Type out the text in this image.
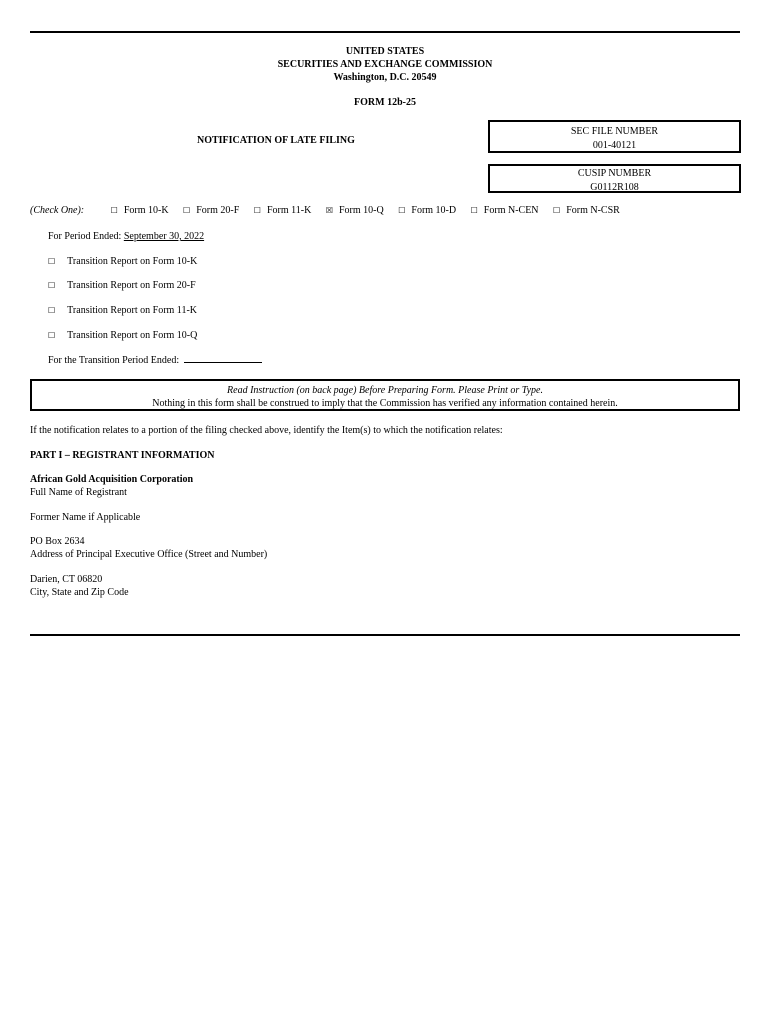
UNITED STATES
SECURITIES AND EXCHANGE COMMISSION
Washington, D.C. 20549
FORM 12b-25
NOTIFICATION OF LATE FILING
SEC FILE NUMBER
001-40121
CUSIP NUMBER
G0112R108
(Check One):	☐ Form 10-K ☐ Form 20-F ☐ Form 11-K ☒ Form 10-Q ☐ Form 10-D ☐ Form N-CEN ☐ Form N-CSR
For Period Ended: September 30, 2022
☐ Transition Report on Form 10-K
☐ Transition Report on Form 20-F
☐ Transition Report on Form 11-K
☐ Transition Report on Form 10-Q
For the Transition Period Ended:
Read Instruction (on back page) Before Preparing Form. Please Print or Type.
Nothing in this form shall be construed to imply that the Commission has verified any information contained herein.
If the notification relates to a portion of the filing checked above, identify the Item(s) to which the notification relates:
PART I – REGISTRANT INFORMATION
African Gold Acquisition Corporation
Full Name of Registrant
Former Name if Applicable
PO Box 2634
Address of Principal Executive Office (Street and Number)
Darien, CT 06820
City, State and Zip Code
